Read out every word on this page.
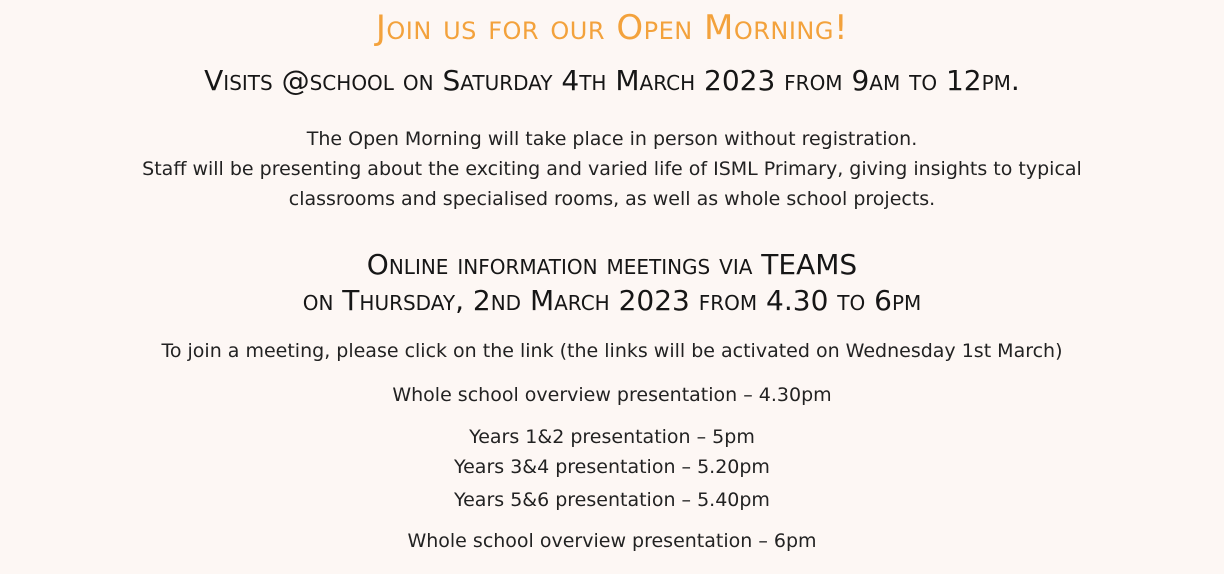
Join us for our Open Morning!
Visits @school on Saturday 4th March 2023 from 9am to 12pm.
The Open Morning will take place in person without registration.
Staff will be presenting about the exciting and varied life of ISML Primary, giving insights to typical
classrooms and specialised rooms, as well as whole school projects.
Online information meetings via TEAMS
on Thursday, 2nd March 2023 from 4.30 to 6pm
To join a meeting, please click on the link (the links will be activated on Wednesday 1st March)
Whole school overview presentation – 4.30pm
Years 1&2 presentation – 5pm
Years 3&4 presentation – 5.20pm
Years 5&6 presentation – 5.40pm
Whole school overview presentation – 6pm
